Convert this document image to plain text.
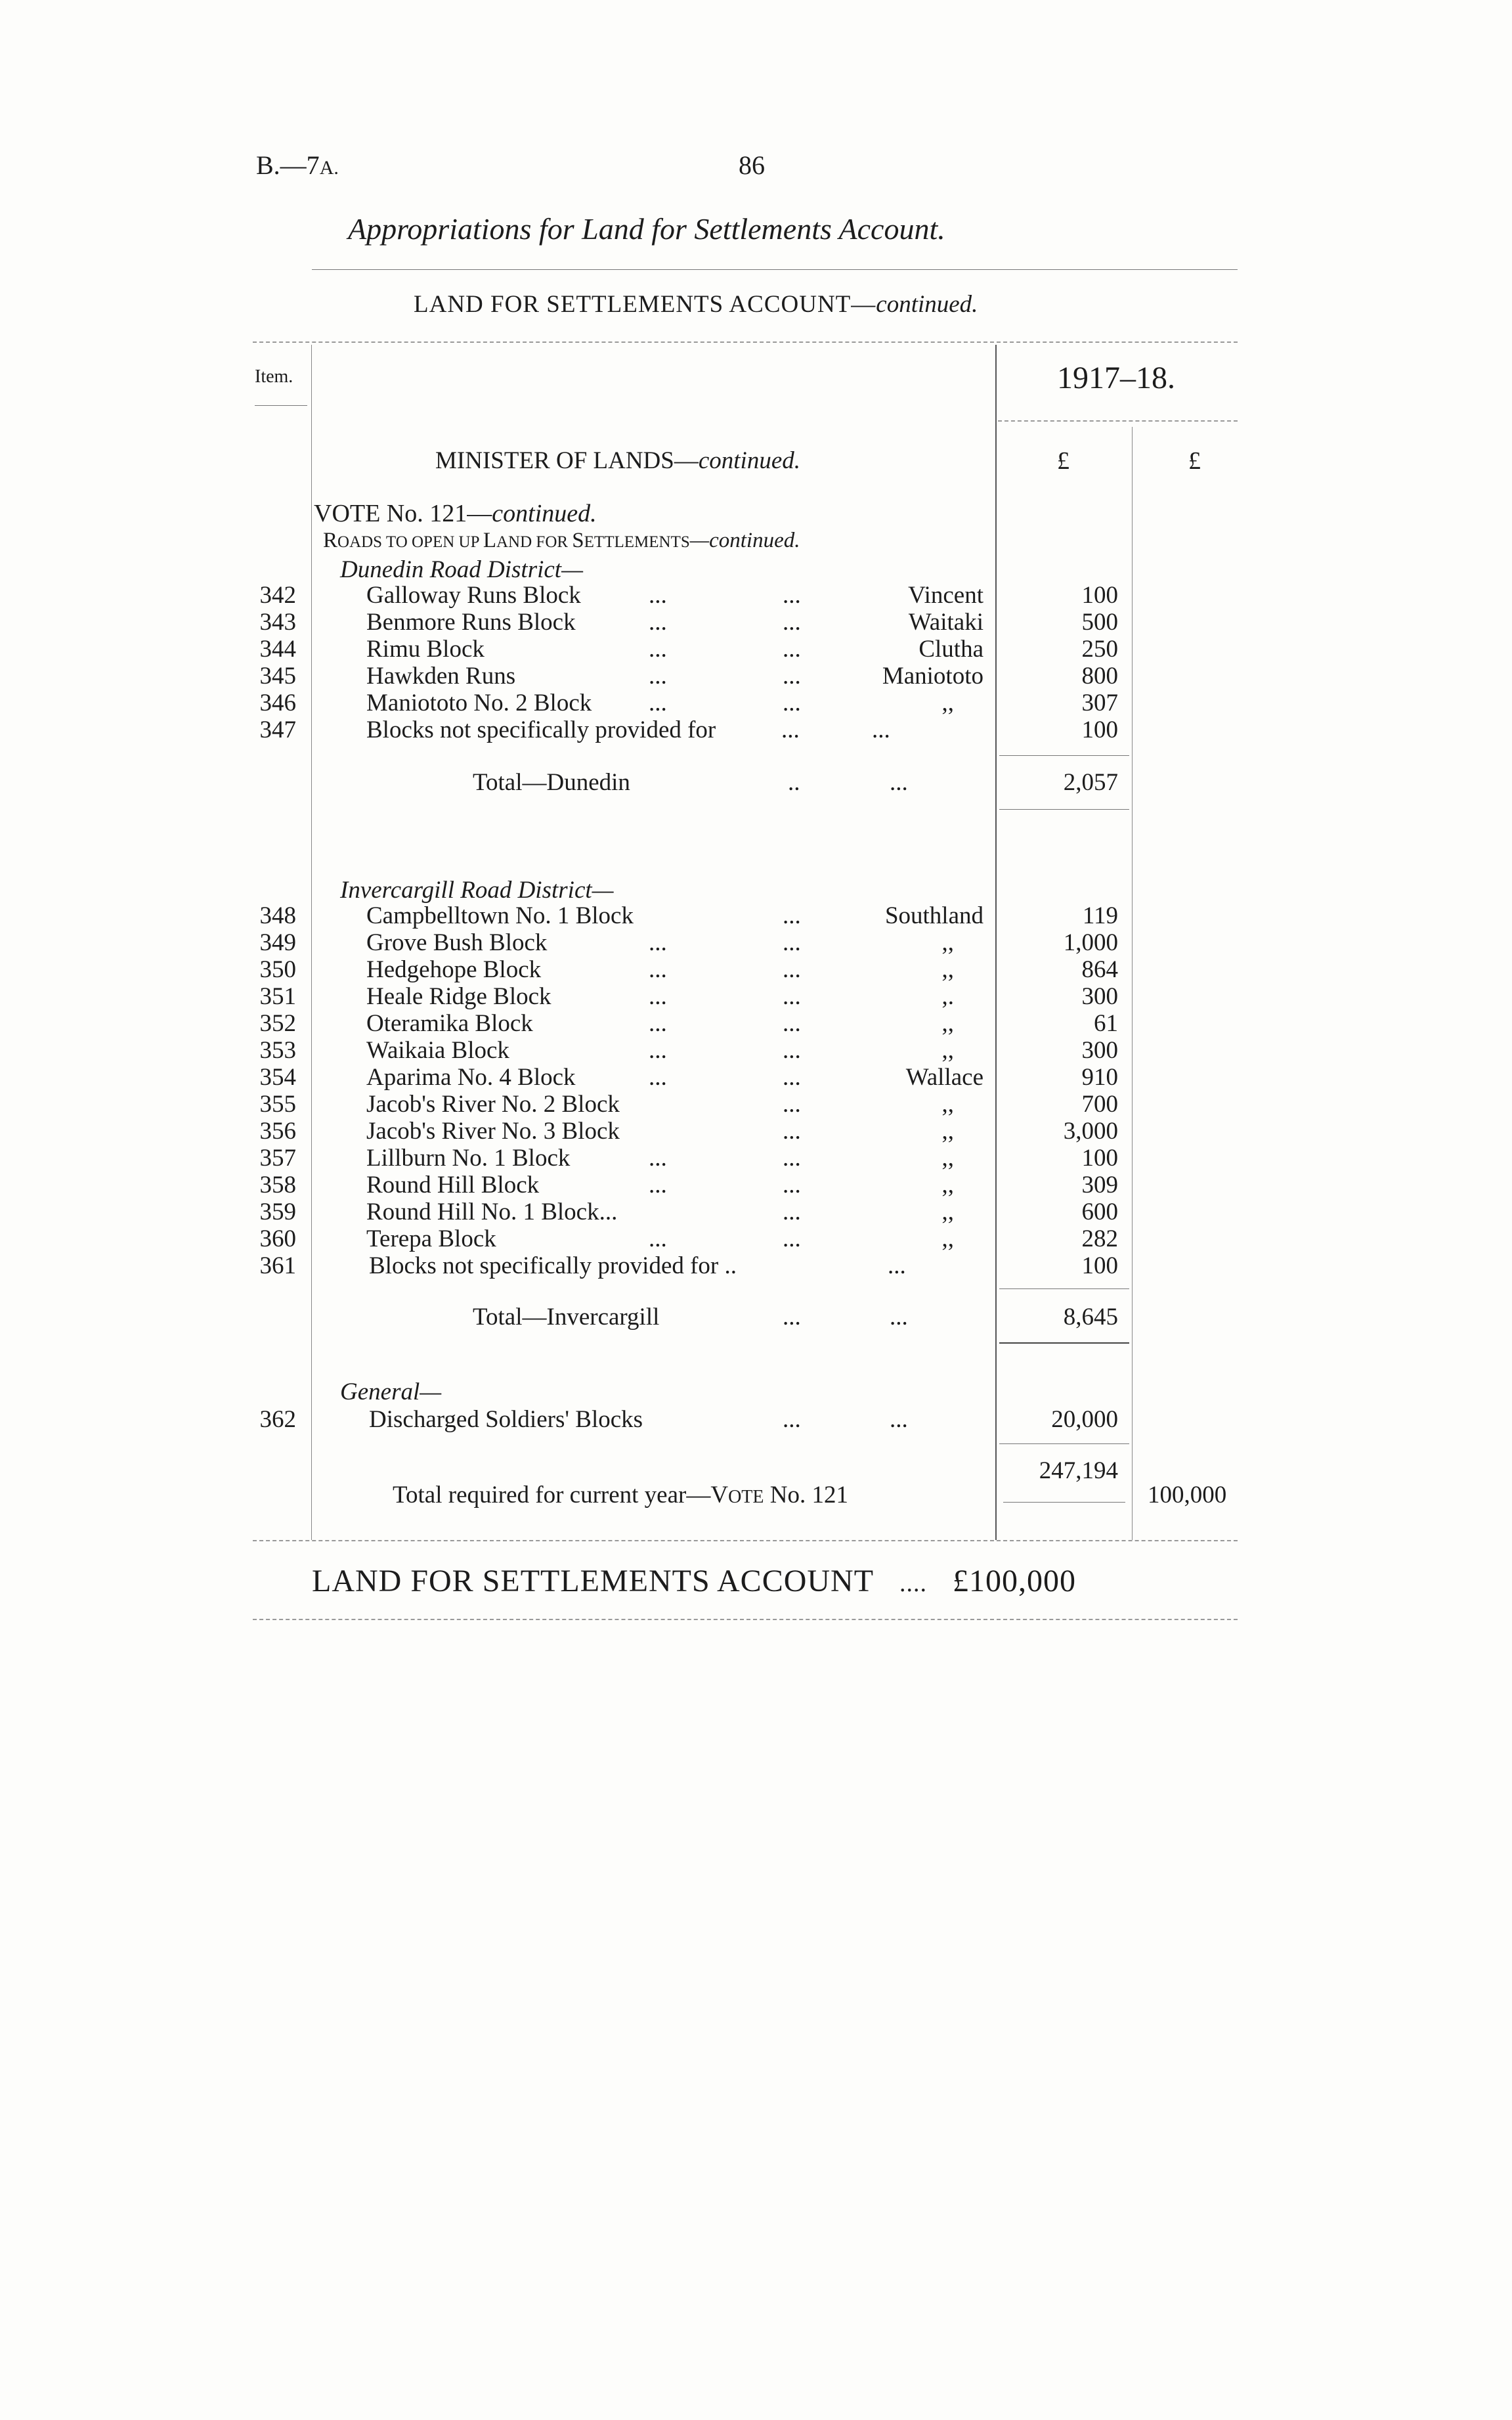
B.—7A.	86
Appropriations for Land for Settlements Account.
LAND FOR SETTLEMENTS ACCOUNT—continued.
Item.	1917–18.
£	£
MINISTER OF LANDS—continued.
VOTE No. 121—continued.
ROADS TO OPEN UP LAND FOR SETTLEMENTS—continued.
Dunedin Road District—
342	Galloway Runs Block	...	...	Vincent	100
343	Benmore Runs Block	...	...	Waitaki	500
344	Rimu Block	...	...	Clutha	250
345	Hawkden Runs	...	...	Maniototo	800
346	Maniototo No. 2 Block ...	...	,,	307
347	Blocks not specifically provided for	...	...	100
Total—Dunedin	..	...	2,057
Invercargill Road District—
348	Campbelltown No. 1 Block	...	Southland	119
349	Grove Bush Block	...	...	,,	1,000
350	Hedgehope Block	...	...	,,	864
351	Heale Ridge Block	...	...	,.	300
352	Oteramika Block	...	...	,,	61
353	Waikaia Block	...	...	,,	300
354	Aparima No. 4 Block	...	...	Wallace	910
355	Jacob's River No. 2 Block	...	,,	700
356	Jacob's River No. 3 Block	...	,,	3,000
357	Lillburn No. 1 Block	...	...	,,	100
358	Round Hill Block	...	...	,,	309
359	Round Hill No. 1 Block...	...	,,	600
360	Terepa Block	...	...	,,	282
361	Blocks not specifically provided for ..	...	100
Total—Invercargill	...	...	8,645
General—
362	Discharged Soldiers' Blocks	...	...	20,000
247,194
Total required for current year—VOTE No. 121	100,000
LAND FOR SETTLEMENTS ACCOUNT .... £100,000
